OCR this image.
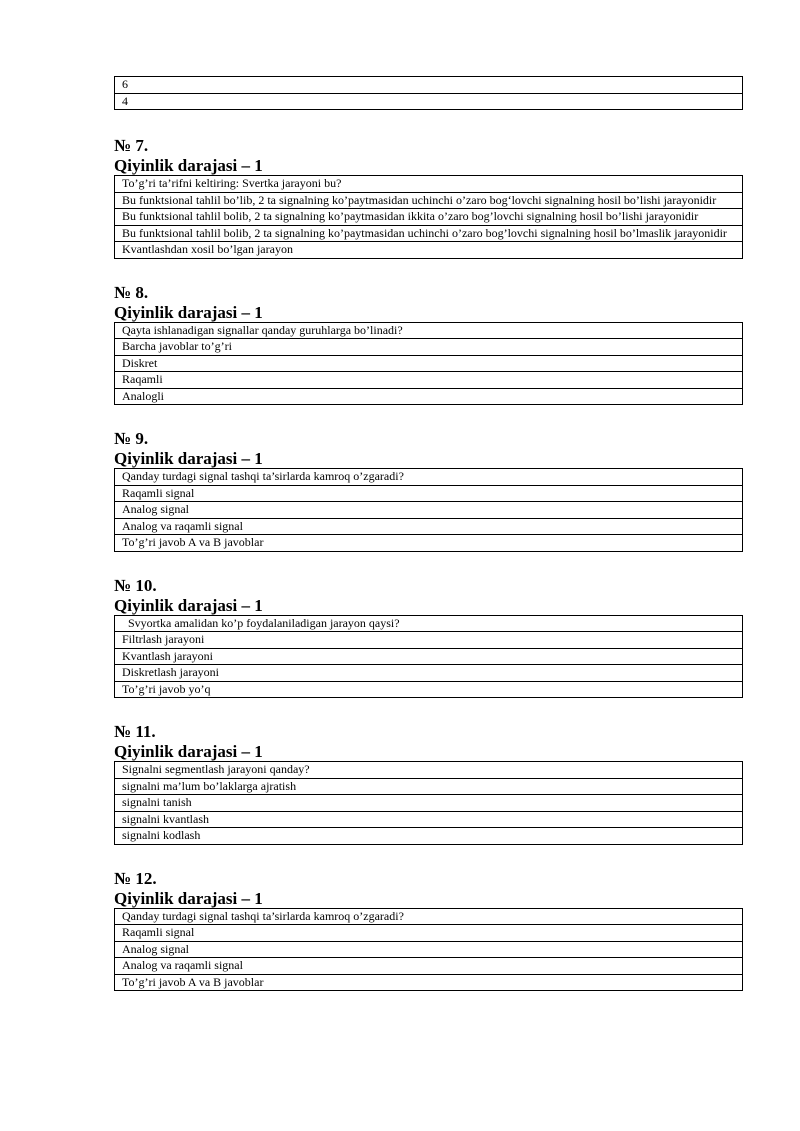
6
4
№ 7.
Qiyinlik darajasi – 1
To’g’ri ta’rifni keltiring: Svertka jarayoni bu?
Bu funktsional tahlil bo’lib, 2 ta signalning ko’paytmasidan uchinchi o’zaro bog‘lovchi signalning hosil bo’lishi jarayonidir
Bu funktsional tahlil bolib, 2 ta signalning ko’paytmasidan ikkita o’zaro bog’lovchi signalning hosil bo’lishi jarayonidir
Bu funktsional tahlil bolib, 2 ta signalning ko’paytmasidan uchinchi o’zaro bog’lovchi signalning hosil bo’lmaslik jarayonidir
Kvantlashdan xosil bo’lgan jarayon
№ 8.
Qiyinlik darajasi – 1
Qayta ishlanadigan signallar qanday guruhlarga bo’linadi?
Barcha javoblar to’g’ri
Diskret
Raqamli
Analogli
№ 9.
Qiyinlik darajasi – 1
Qanday turdagi signal tashqi ta’sirlarda kamroq o’zgaradi?
Raqamli signal
Analog signal
Analog va raqamli signal
To’g’ri javob A va B javoblar
№ 10.
Qiyinlik darajasi – 1
Svyortka amalidan ko’p foydalaniladigan jarayon qaysi?
Filtrlash jarayoni
Kvantlash jarayoni
Diskretlash jarayoni
To’g’ri javob yo’q
№ 11.
Qiyinlik darajasi – 1
Signalni segmentlash jarayoni qanday?
signalni ma’lum bo’laklarga ajratish
signalni tanish
signalni kvantlash
signalni kodlash
№ 12.
Qiyinlik darajasi – 1
Qanday turdagi signal tashqi ta’sirlarda kamroq o’zgaradi?
Raqamli signal
Analog signal
Analog va raqamli signal
To’g’ri javob A va B javoblar
